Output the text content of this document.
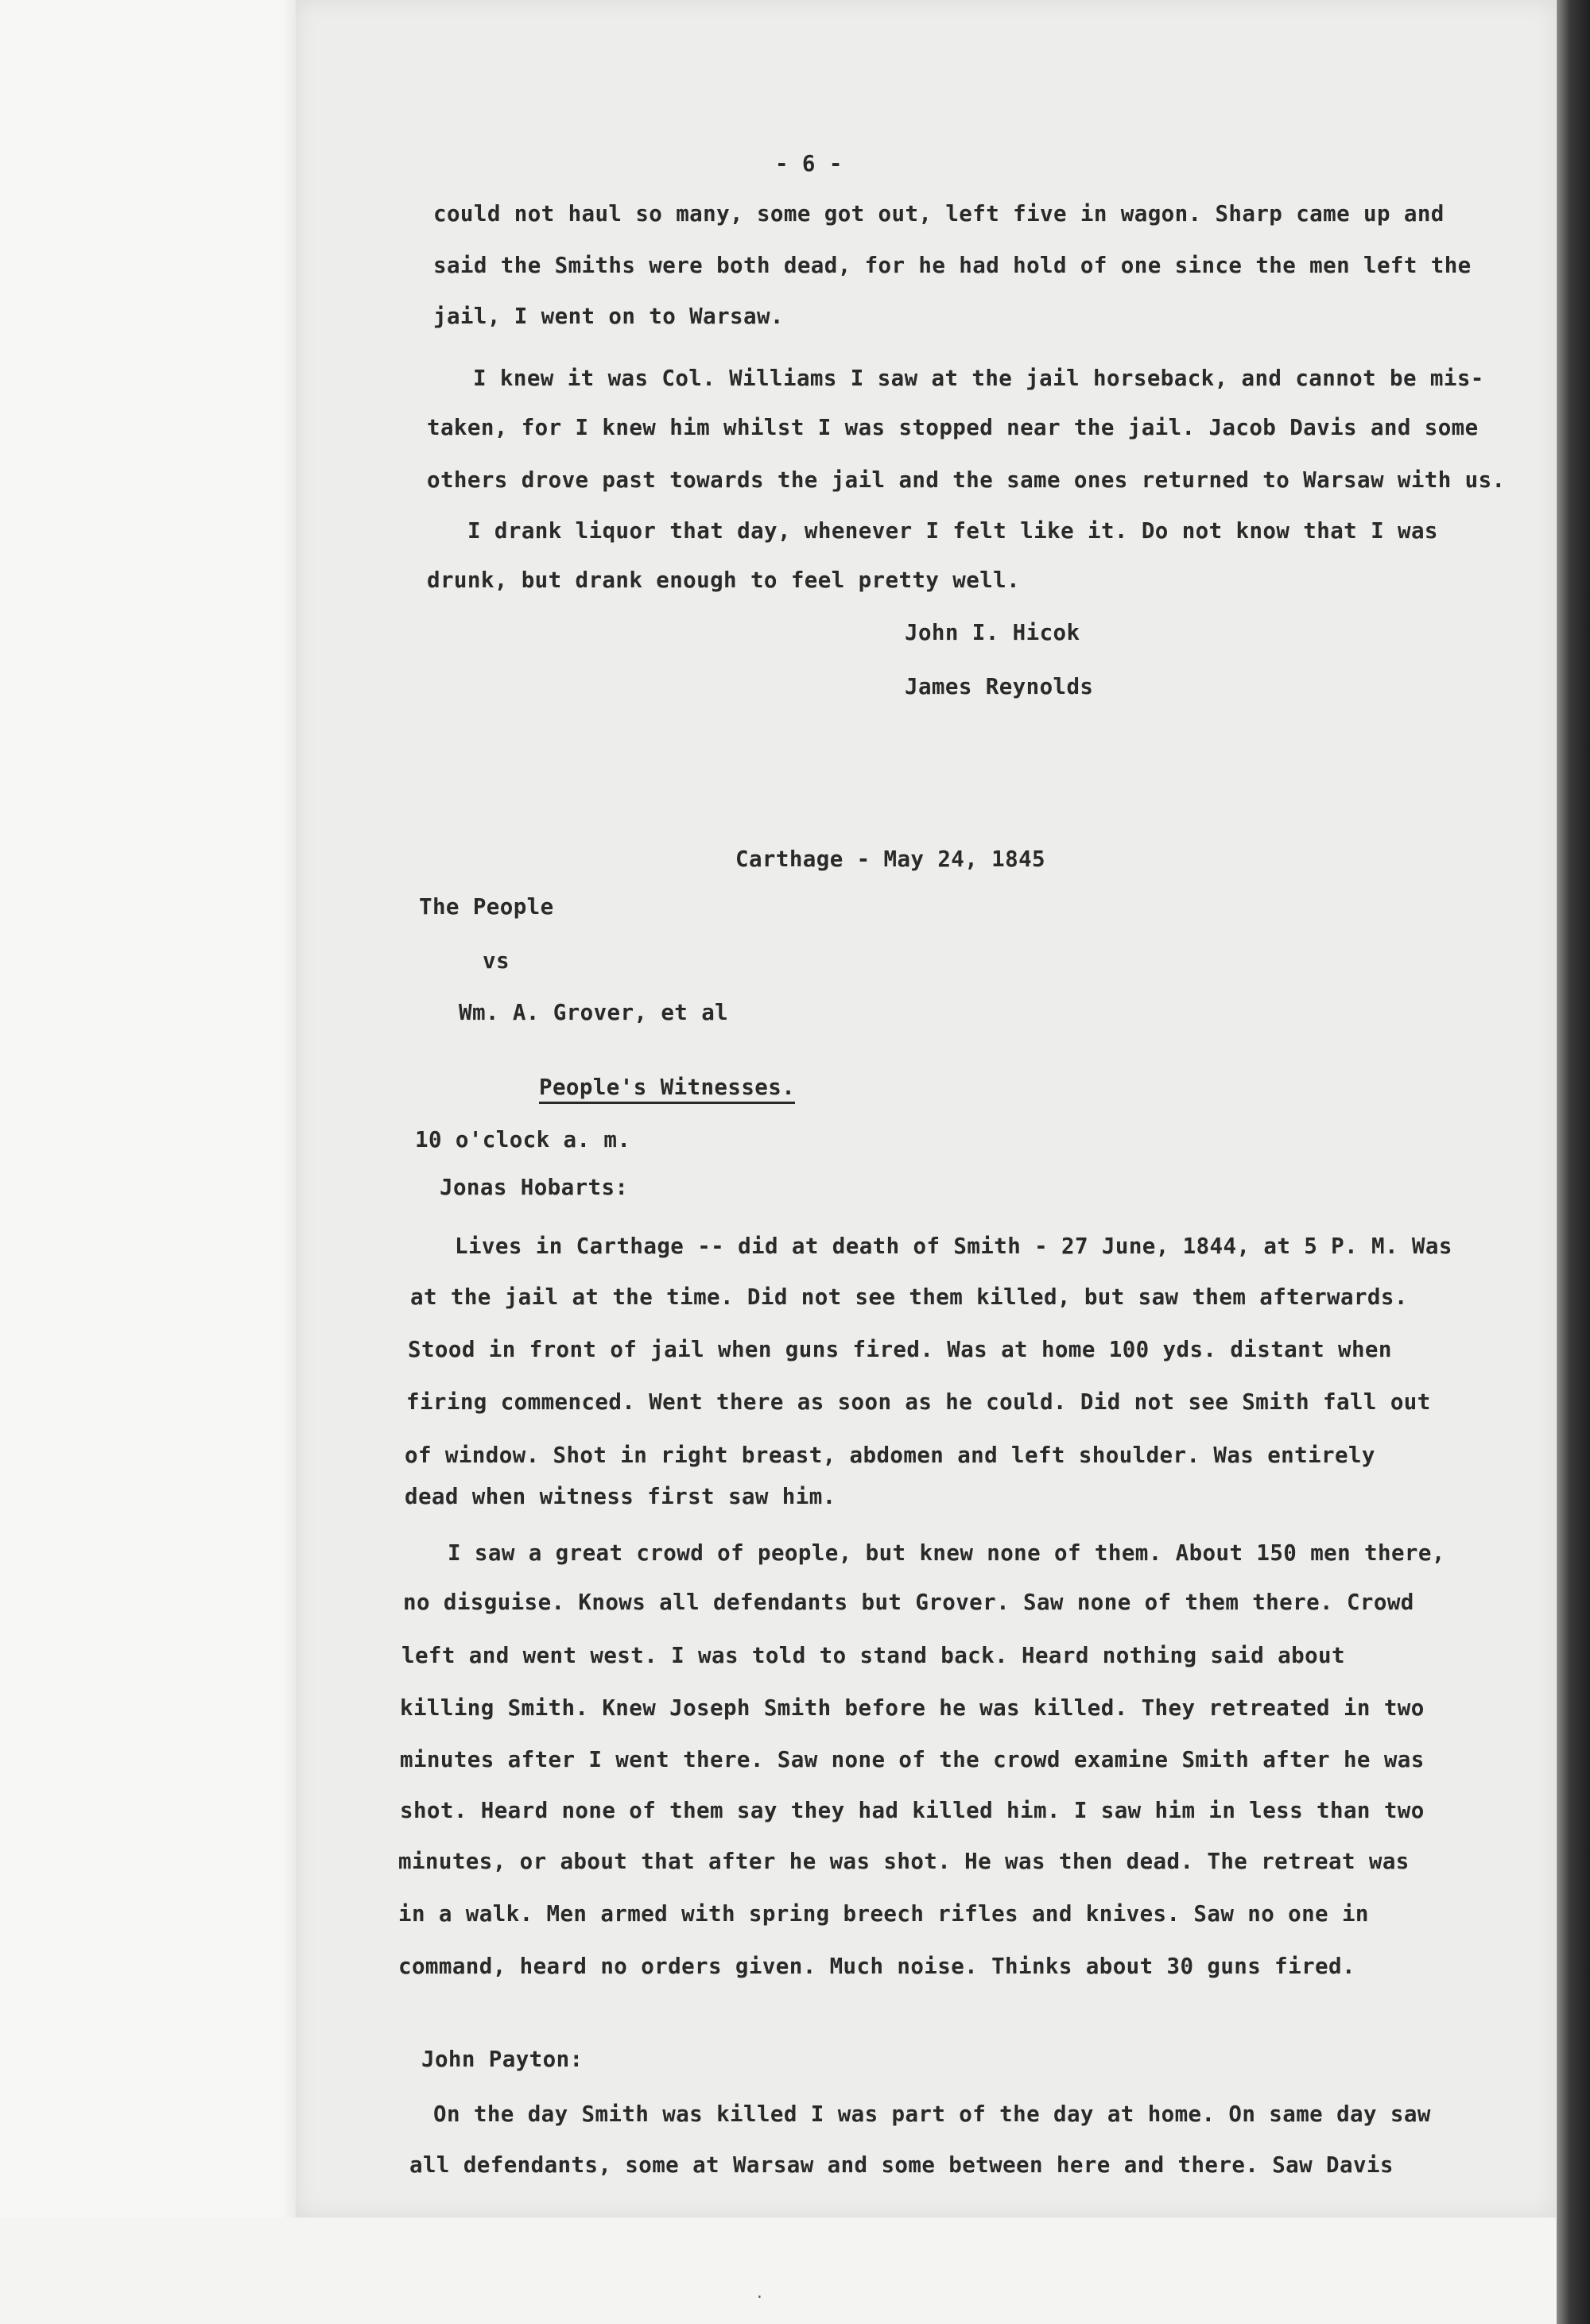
- 6 -
could not haul so many, some got out, left five in wagon. Sharp came up and
said the Smiths were both dead, for he had hold of one since the men left the
jail, I went on to Warsaw.
I knew it was Col. Williams I saw at the jail horseback, and cannot be mis-
taken, for I knew him whilst I was stopped near the jail. Jacob Davis and some
others drove past towards the jail and the same ones returned to Warsaw with us.
I drank liquor that day, whenever I felt like it. Do not know that I was
drunk, but drank enough to feel pretty well.
John I. Hicok
James Reynolds
Carthage - May 24, 1845
The People
vs
Wm. A. Grover, et al
People's Witnesses.
10 o'clock a. m.
Jonas Hobarts:
Lives in Carthage -- did at death of Smith - 27 June, 1844, at 5 P. M. Was
at the jail at the time. Did not see them killed, but saw them afterwards.
Stood in front of jail when guns fired. Was at home 100 yds. distant when
firing commenced. Went there as soon as he could. Did not see Smith fall out
of window. Shot in right breast, abdomen and left shoulder. Was entirely
dead when witness first saw him.
I saw a great crowd of people, but knew none of them. About 150 men there,
no disguise. Knows all defendants but Grover. Saw none of them there. Crowd
left and went west. I was told to stand back. Heard nothing said about
killing Smith. Knew Joseph Smith before he was killed. They retreated in two
minutes after I went there. Saw none of the crowd examine Smith after he was
shot. Heard none of them say they had killed him. I saw him in less than two
minutes, or about that after he was shot. He was then dead. The retreat was
in a walk. Men armed with spring breech rifles and knives. Saw no one in
command, heard no orders given. Much noise. Thinks about 30 guns fired.
John Payton:
On the day Smith was killed I was part of the day at home. On same day saw
all defendants, some at Warsaw and some between here and there. Saw Davis
